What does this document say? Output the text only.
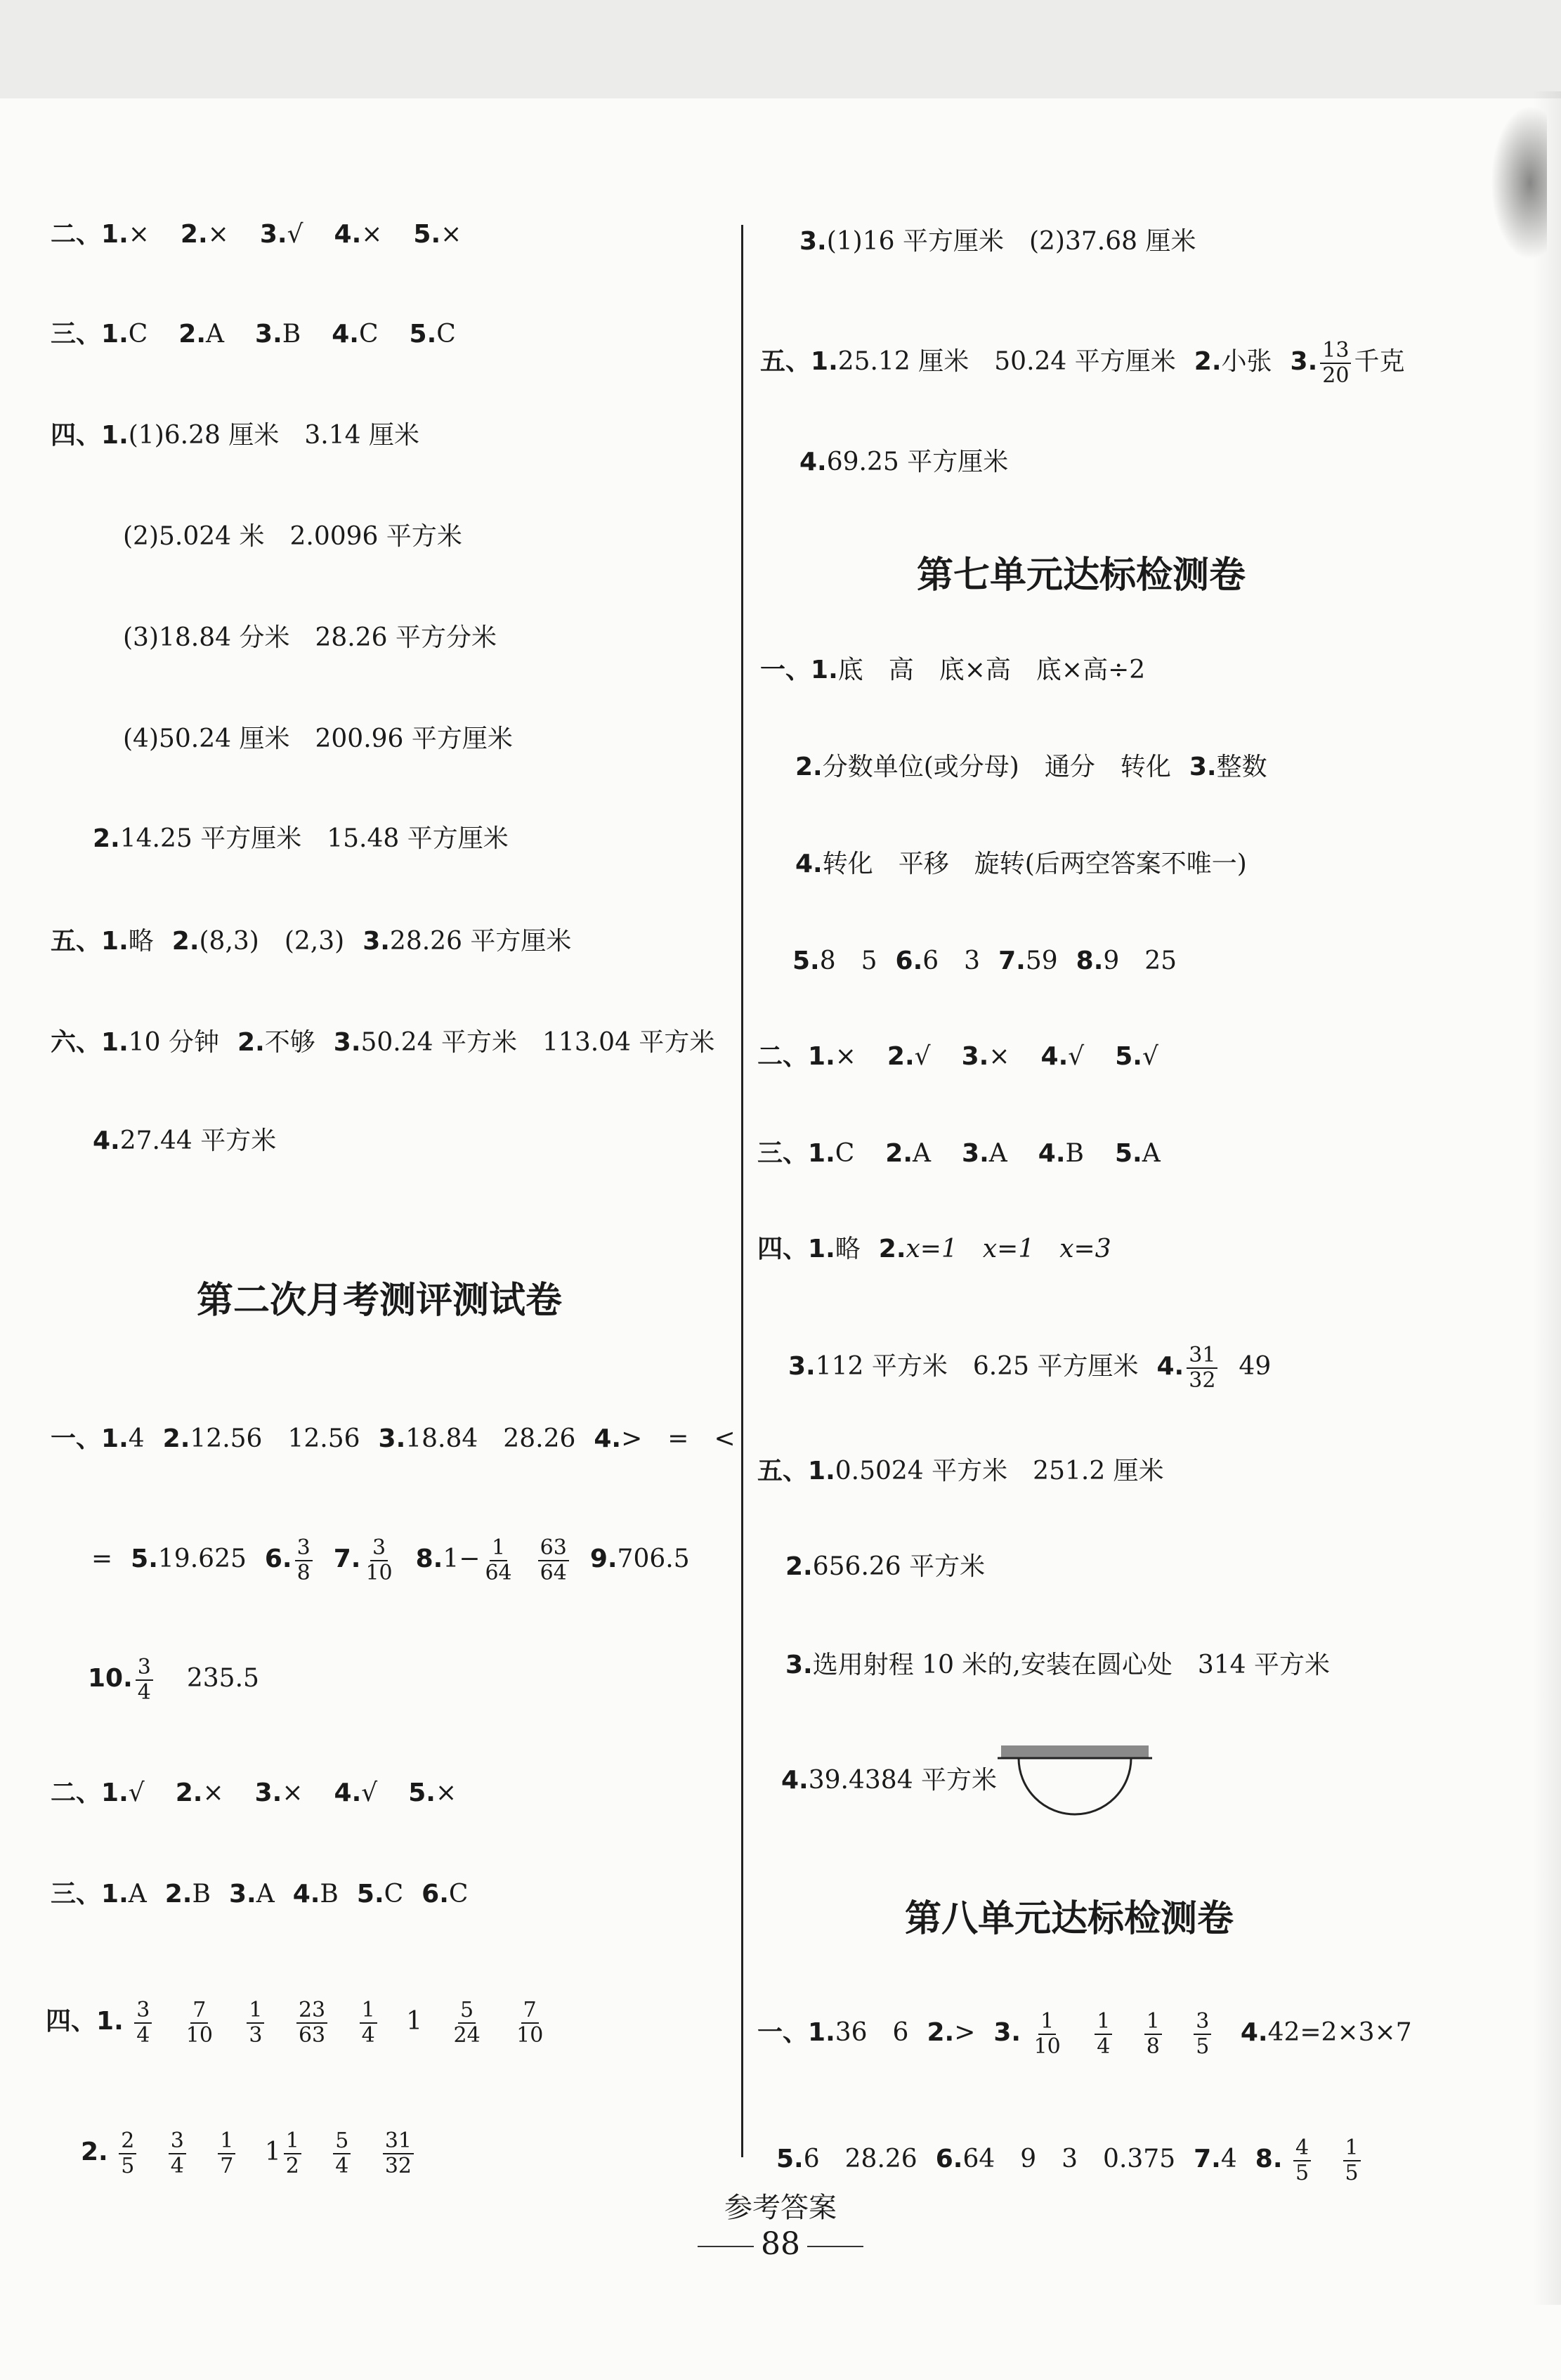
二、1.× 2.× 3.√ 4.× 5.×
三、1.C 2.A 3.B 4.C 5.C
四、1.(1)6.28 厘米　3.14 厘米
(2)5.024 米　2.0096 平方米
(3)18.84 分米　28.26 平方分米
(4)50.24 厘米　200.96 平方厘米
2.14.25 平方厘米　15.48 平方厘米
五、1.略 2.(8,3)　(2,3) 3.28.26 平方厘米
六、1.10 分钟 2.不够 3.50.24 平方米　113.04 平方米
4.27.44 平方米
第二次月考测评测试卷
一、1.4 2.12.56　12.56 3.18.84　28.26 4.>　=　<
= 5.19.625 6. $\frac{3}{8} 7$. $\frac{3}{10} 8.1- \frac{1}{64} \frac{63}{64} 9.706.5$
10. $\frac{3}{4} 235.5$
二、1.√ 2.× 3.× 4.√ 5.×
三、1.A 2.B 3.A 4.B 5.C 6.C
四、1. $\frac{3}{4}$
$\frac{7}{10}$
$\frac{1}{3}$
$\frac{23}{63}$
$\frac{1}{4} 1 \frac{5}{24}$
$\frac{7}{10}$
2. $\frac{2}{5}$
$\frac{3}{4}$
$\frac{1}{7} 1 \frac{1}{2}$
$\frac{5}{4}$
$\frac{31}{32}$
3.(1)16 平方厘米　(2)37.68 厘米
五、1.25.12 厘米　50.24 平方厘米 2.小张 3. $\frac{13}{20}$ 千克
4.69.25 平方厘米
第七单元达标检测卷
一、1.底　高　底×高　底×高÷2
2.分数单位(或分母)　通分　转化 3.整数
4.转化　平移　旋转(后两空答案不唯一)
5.8　5 6.6　3 7.59 8.9　25
二、1.× 2.√ 3.× 4.√ 5.√
三、1.C 2.A 3.A 4.B 5.A
四、1.略 2.x=1　x=1　x=3
3.112 平方米　6.25 平方厘米 4. $\frac{31}{32} 49$
五、1.0.5024 平方米　251.2 厘米
2.656.26 平方米
3.选用射程 10 米的,安装在圆心处　314 平方米
4.39.4384 平方米
第八单元达标检测卷
一、1.36　6 2.> 3. $\frac{1}{10}$
$\frac{1}{4}$
$\frac{1}{8}$
$\frac{3}{5} 4.42=2\times 3\times 7$
5.6　28.26 6.64　9　3　0.375 7.4 8. $\frac{4}{5}$
$\frac{1}{5}$
参考答案
88
